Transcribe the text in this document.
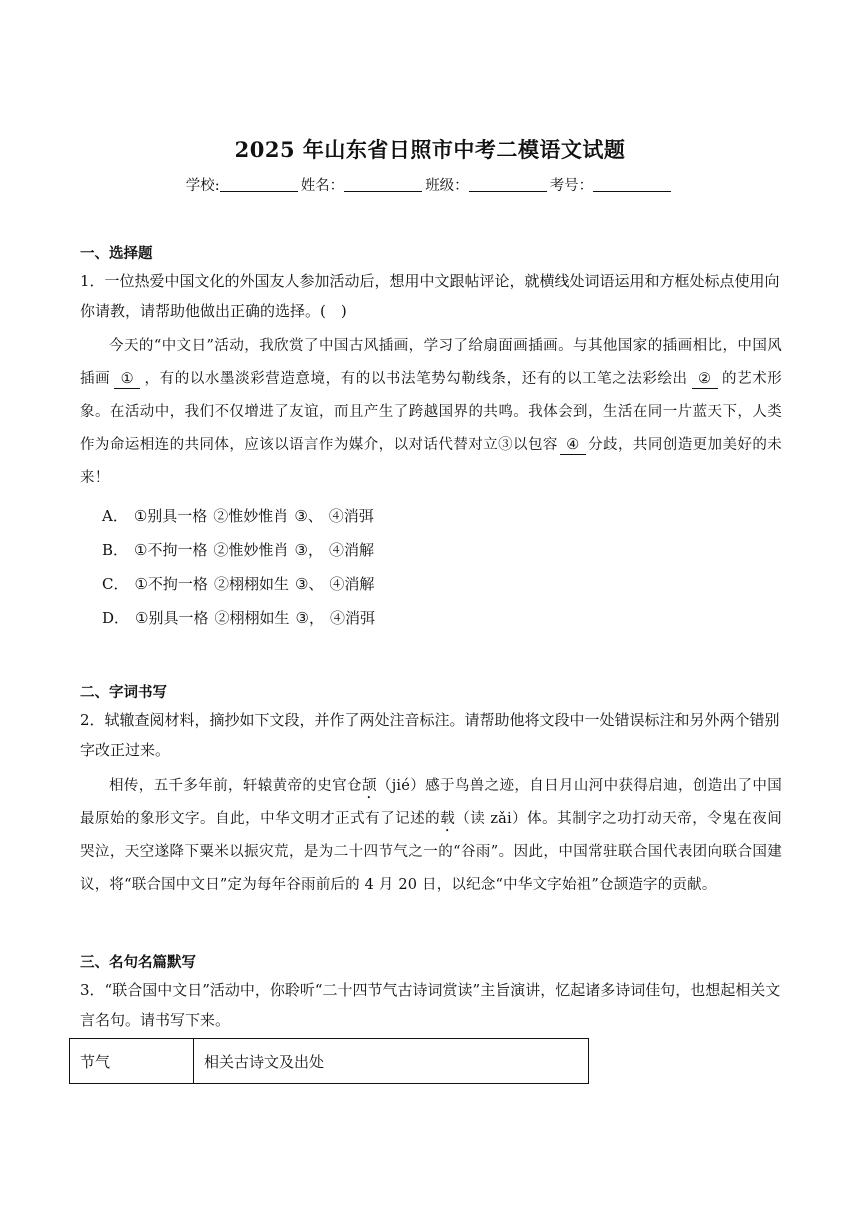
2025 年山东省日照市中考二模语文试题
学校:	姓名：	班级：	考号：
一、选择题
1．一位热爱中国文化的外国友人参加活动后，想用中文跟帖评论，就横线处词语运用和方框处标点使用向
你请教，请帮助他做出正确的选择。(　)
今天的“中文日”活动，我欣赏了中国古风插画，学习了给扇面画插画。与其他国家的插画相比，中国风插画 ① ，有的以水墨淡彩营造意境，有的以书法笔势勾勒线条，还有的以工笔之法彩绘出 ② 的艺术形象。在活动中，我们不仅增进了友谊，而且产生了跨越国界的共鸣。我体会到，生活在同一片蓝天下，人类作为命运相连的共同体，应该以语言作为媒介，以对话代替对立③以包容 ④ 分歧，共同创造更加美好的未来！
A． ①别具一格 ②惟妙惟肖 ③、 ④消弭
B． ①不拘一格 ②惟妙惟肖 ③， ④消解
C． ①不拘一格 ②栩栩如生 ③、 ④消解
D． ①别具一格 ②栩栩如生 ③， ④消弭
二、字词书写
2．轼辙查阅材料，摘抄如下文段，并作了两处注音标注。请帮助他将文段中一处错误标注和另外两个错别
字改正过来。
相传，五千多年前，轩辕黄帝的史官仓颉（jié）感于鸟兽之迹，自日月山河中获得启迪，创造出了中国最原始的象形文字。自此，中华文明才正式有了记述的载（读 zǎi）体。其制字之功打动天帝，令鬼在夜间哭泣，天空遂降下粟米以振灾荒，是为二十四节气之一的“谷雨”。因此，中国常驻联合国代表团向联合国建议，将“联合国中文日”定为每年谷雨前后的 4 月 20 日，以纪念“中华文字始祖”仓颉造字的贡献。
三、名句名篇默写
3．“联合国中文日”活动中，你聆听“二十四节气古诗词赏读”主旨演讲，忆起诸多诗词佳句，也想起相关文
言名句。请书写下来。
节气	相关古诗文及出处
